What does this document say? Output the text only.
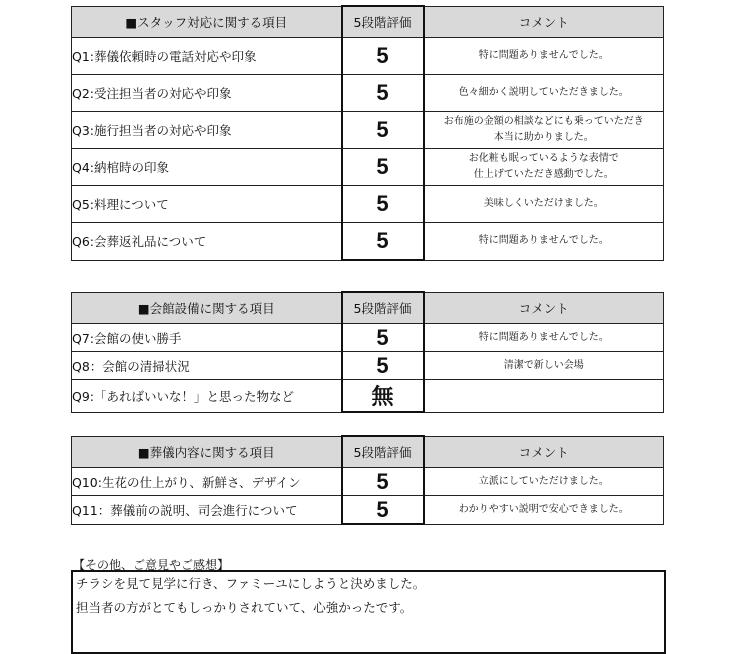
■スタッフ対応に関する項目	5段階評価	コメント
Q1:葬儀依頼時の電話対応や印象	5	特に問題ありませんでした。

Q2:受注担当者の対応や印象	5	色々細かく説明していただきました。

Q3:施行担当者の対応や印象	5	お布施の金額の相談などにも乗っていただき
本当に助かりました。

Q4:納棺時の印象	5	お化粧も眠っているような表情で
仕上げていただき感動でした。

Q5:料理について	5	美味しくいただけました。

Q6:会葬返礼品について	5	特に問題ありませんでした。
■会館設備に関する項目	5段階評価	コメント
Q7:会館の使い勝手	5	特に問題ありませんでした。

Q8：会館の清掃状況	5	清潔で新しい会場

Q9:「あればいいな！」と思った物など	無	
■葬儀内容に関する項目	5段階評価	コメント
Q10:生花の仕上がり、新鮮さ、デザイン	5	立派にしていただけました。

Q11：葬儀前の説明、司会進行について	5	わかりやすい説明で安心できました。
【その他、ご意見やご感想】
チラシを見て見学に行き、ファミーユにしようと決めました。
担当者の方がとてもしっかりされていて、心強かったです。
